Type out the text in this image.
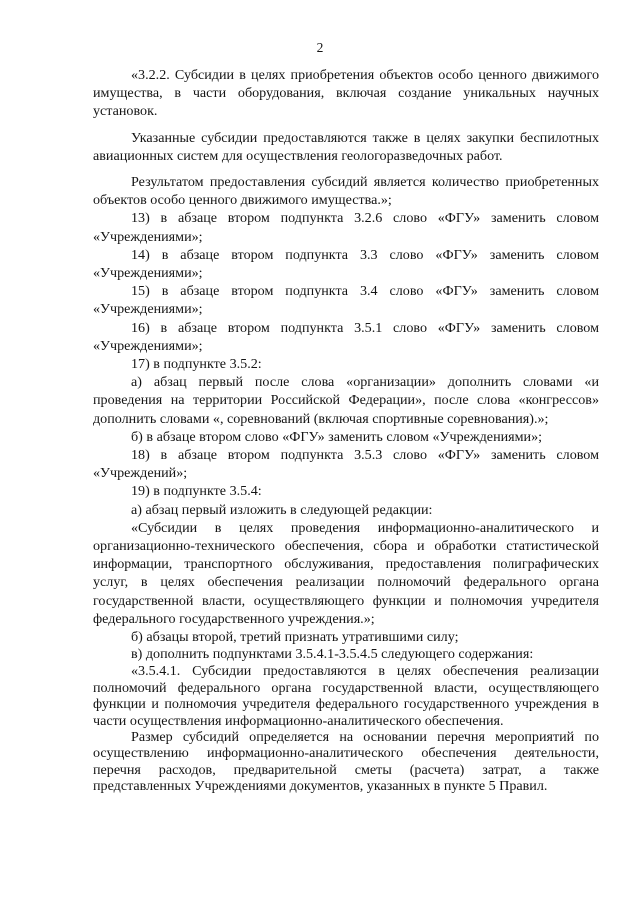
2

«3.2.2. Субсидии в целях приобретения объектов особо ценного движимого имущества, в части оборудования, включая создание уникальных научных установок.

Указанные субсидии предоставляются также в целях закупки беспилотных авиационных систем для осуществления геологоразведочных работ.

Результатом предоставления субсидий является количество приобретенных объектов особо ценного движимого имущества.»;

13) в абзаце втором подпункта 3.2.6 слово «ФГУ» заменить словом «Учреждениями»;

14) в абзаце втором подпункта 3.3 слово «ФГУ» заменить словом «Учреждениями»;

15) в абзаце втором подпункта 3.4 слово «ФГУ» заменить словом «Учреждениями»;

16) в абзаце втором подпункта 3.5.1 слово «ФГУ» заменить словом «Учреждениями»;

17) в подпункте 3.5.2:

а) абзац первый после слова «организации» дополнить словами «и проведения на территории Российской Федерации», после слова «конгрессов» дополнить словами «, соревнований (включая спортивные соревнования).»;

б) в абзаце втором слово «ФГУ» заменить словом «Учреждениями»;

18) в абзаце втором подпункта 3.5.3 слово «ФГУ» заменить словом «Учреждений»;

19) в подпункте 3.5.4:

а) абзац первый изложить в следующей редакции:

«Субсидии в целях проведения информационно-аналитического и организационно-технического обеспечения, сбора и обработки статистической информации, транспортного обслуживания, предоставления полиграфических услуг, в целях обеспечения реализации полномочий федерального органа государственной власти, осуществляющего функции и полномочия учредителя федерального государственного учреждения.»;

б) абзацы второй, третий признать утратившими силу;

в) дополнить подпунктами 3.5.4.1-3.5.4.5 следующего содержания:

«3.5.4.1. Субсидии предоставляются в целях обеспечения реализации полномочий федерального органа государственной власти, осуществляющего функции и полномочия учредителя федерального государственного учреждения в части осуществления информационно-аналитического обеспечения.

Размер субсидий определяется на основании перечня мероприятий по осуществлению информационно-аналитического обеспечения деятельности, перечня расходов, предварительной сметы (расчета) затрат, а также представленных Учреждениями документов, указанных в пункте 5 Правил.
